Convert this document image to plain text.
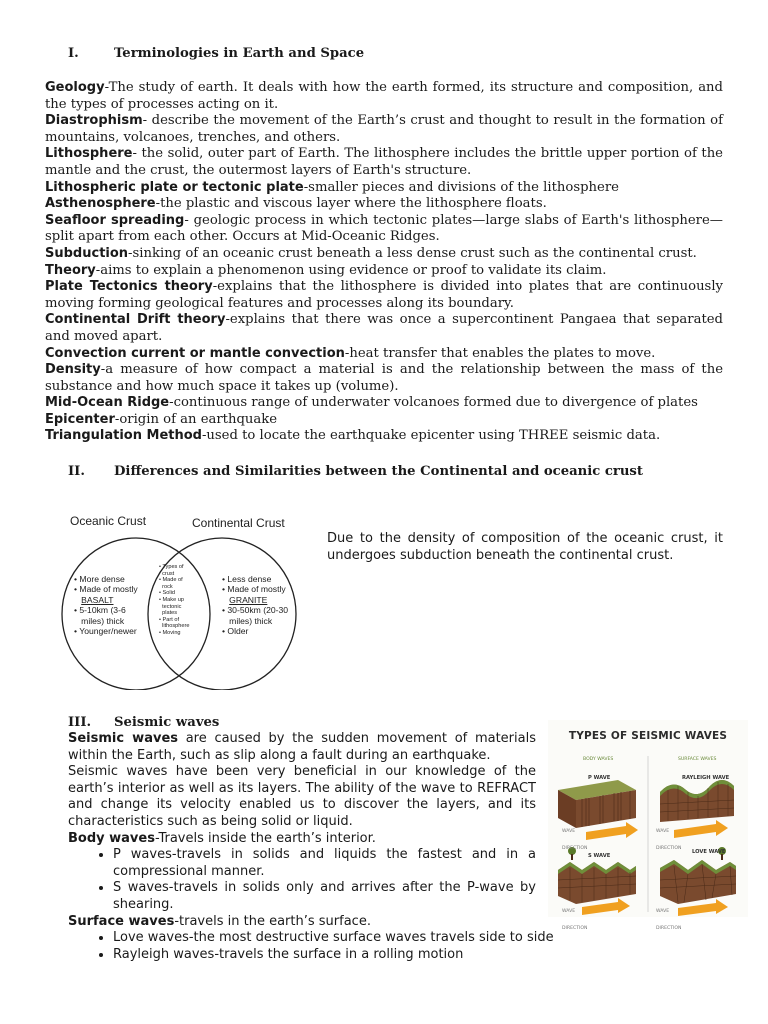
I.	Terminologies in Earth and Space

Geology-The study of earth. It deals with how the earth formed, its structure and composition, and the types of processes acting on it.

Diastrophism- describe the movement of the Earth’s crust and thought to result in the formation of mountains, volcanoes, trenches, and others.

Lithosphere- the solid, outer part of Earth. The lithosphere includes the brittle upper portion of the mantle and the crust, the outermost layers of Earth's structure.

Lithospheric plate or tectonic plate-smaller pieces and divisions of the lithosphere

Asthenosphere-the plastic and viscous layer where the lithosphere floats.

Seafloor spreading- geologic process in which tectonic plates—large slabs of Earth's lithosphere—split apart from each other. Occurs at Mid-Oceanic Ridges.

Subduction-sinking of an oceanic crust beneath a less dense crust such as the continental crust.

Theory-aims to explain a phenomenon using evidence or proof to validate its claim.

Plate Tectonics theory-explains that the lithosphere is divided into plates that are continuously moving forming geological features and processes along its boundary.

Continental Drift theory-explains that there was once a supercontinent Pangaea that separated and moved apart.

Convection current or mantle convection-heat transfer that enables the plates to move.

Density-a measure of how compact a material is and the relationship between the mass of the substance and how much space it takes up (volume).

Mid-Ocean Ridge-continuous range of underwater volcanoes formed due to divergence of plates

Epicenter-origin of an earthquake

Triangulation Method-used to locate the earthquake epicenter using THREE seismic data.

II. Differences and Similarities between the Continental and oceanic crust
Oceanic Crust	Continental Crust
• More dense
• Made of mostly
BASALT
• 5-10km (3-6
miles) thick
• Younger/newer
• Types of
crust
• Made of
rock
• Solid
• Make up
tectonic
plates
• Part of
lithosphere
• Moving
• Less dense
• Made of mostly
GRANITE
• 30-50km (20-30
miles) thick
• Older
Due to the density of composition of the oceanic crust, it undergoes subduction beneath the continental crust.
III. Seismic waves

Seismic waves are caused by the sudden movement of materials within the Earth, such as slip along a fault during an earthquake.

Seismic waves have been very beneficial in our knowledge of the earth’s interior as well as its layers. The ability of the wave to REFRACT and change its velocity enabled us to discover the layers, and its characteristics such as being solid or liquid.

Body waves-Travels inside the earth’s interior.

• P waves-travels in solids and liquids the fastest and in a compressional manner.
• S waves-travels in solids only and arrives after the P-wave by shearing.

Surface waves-travels in the earth’s surface.

• Love waves-the most destructive surface waves travels side to side
• Rayleigh waves-travels the surface in a rolling motion
TYPES OF SEISMIC WAVES
BODY WAVES	SURFACE WAVES
P WAVE	RAYLEIGH WAVE
S WAVE
LOVE WAVE
WAVE DIRECTION
WAVE DIRECTION
WAVE DIRECTION
WAVE DIRECTION
